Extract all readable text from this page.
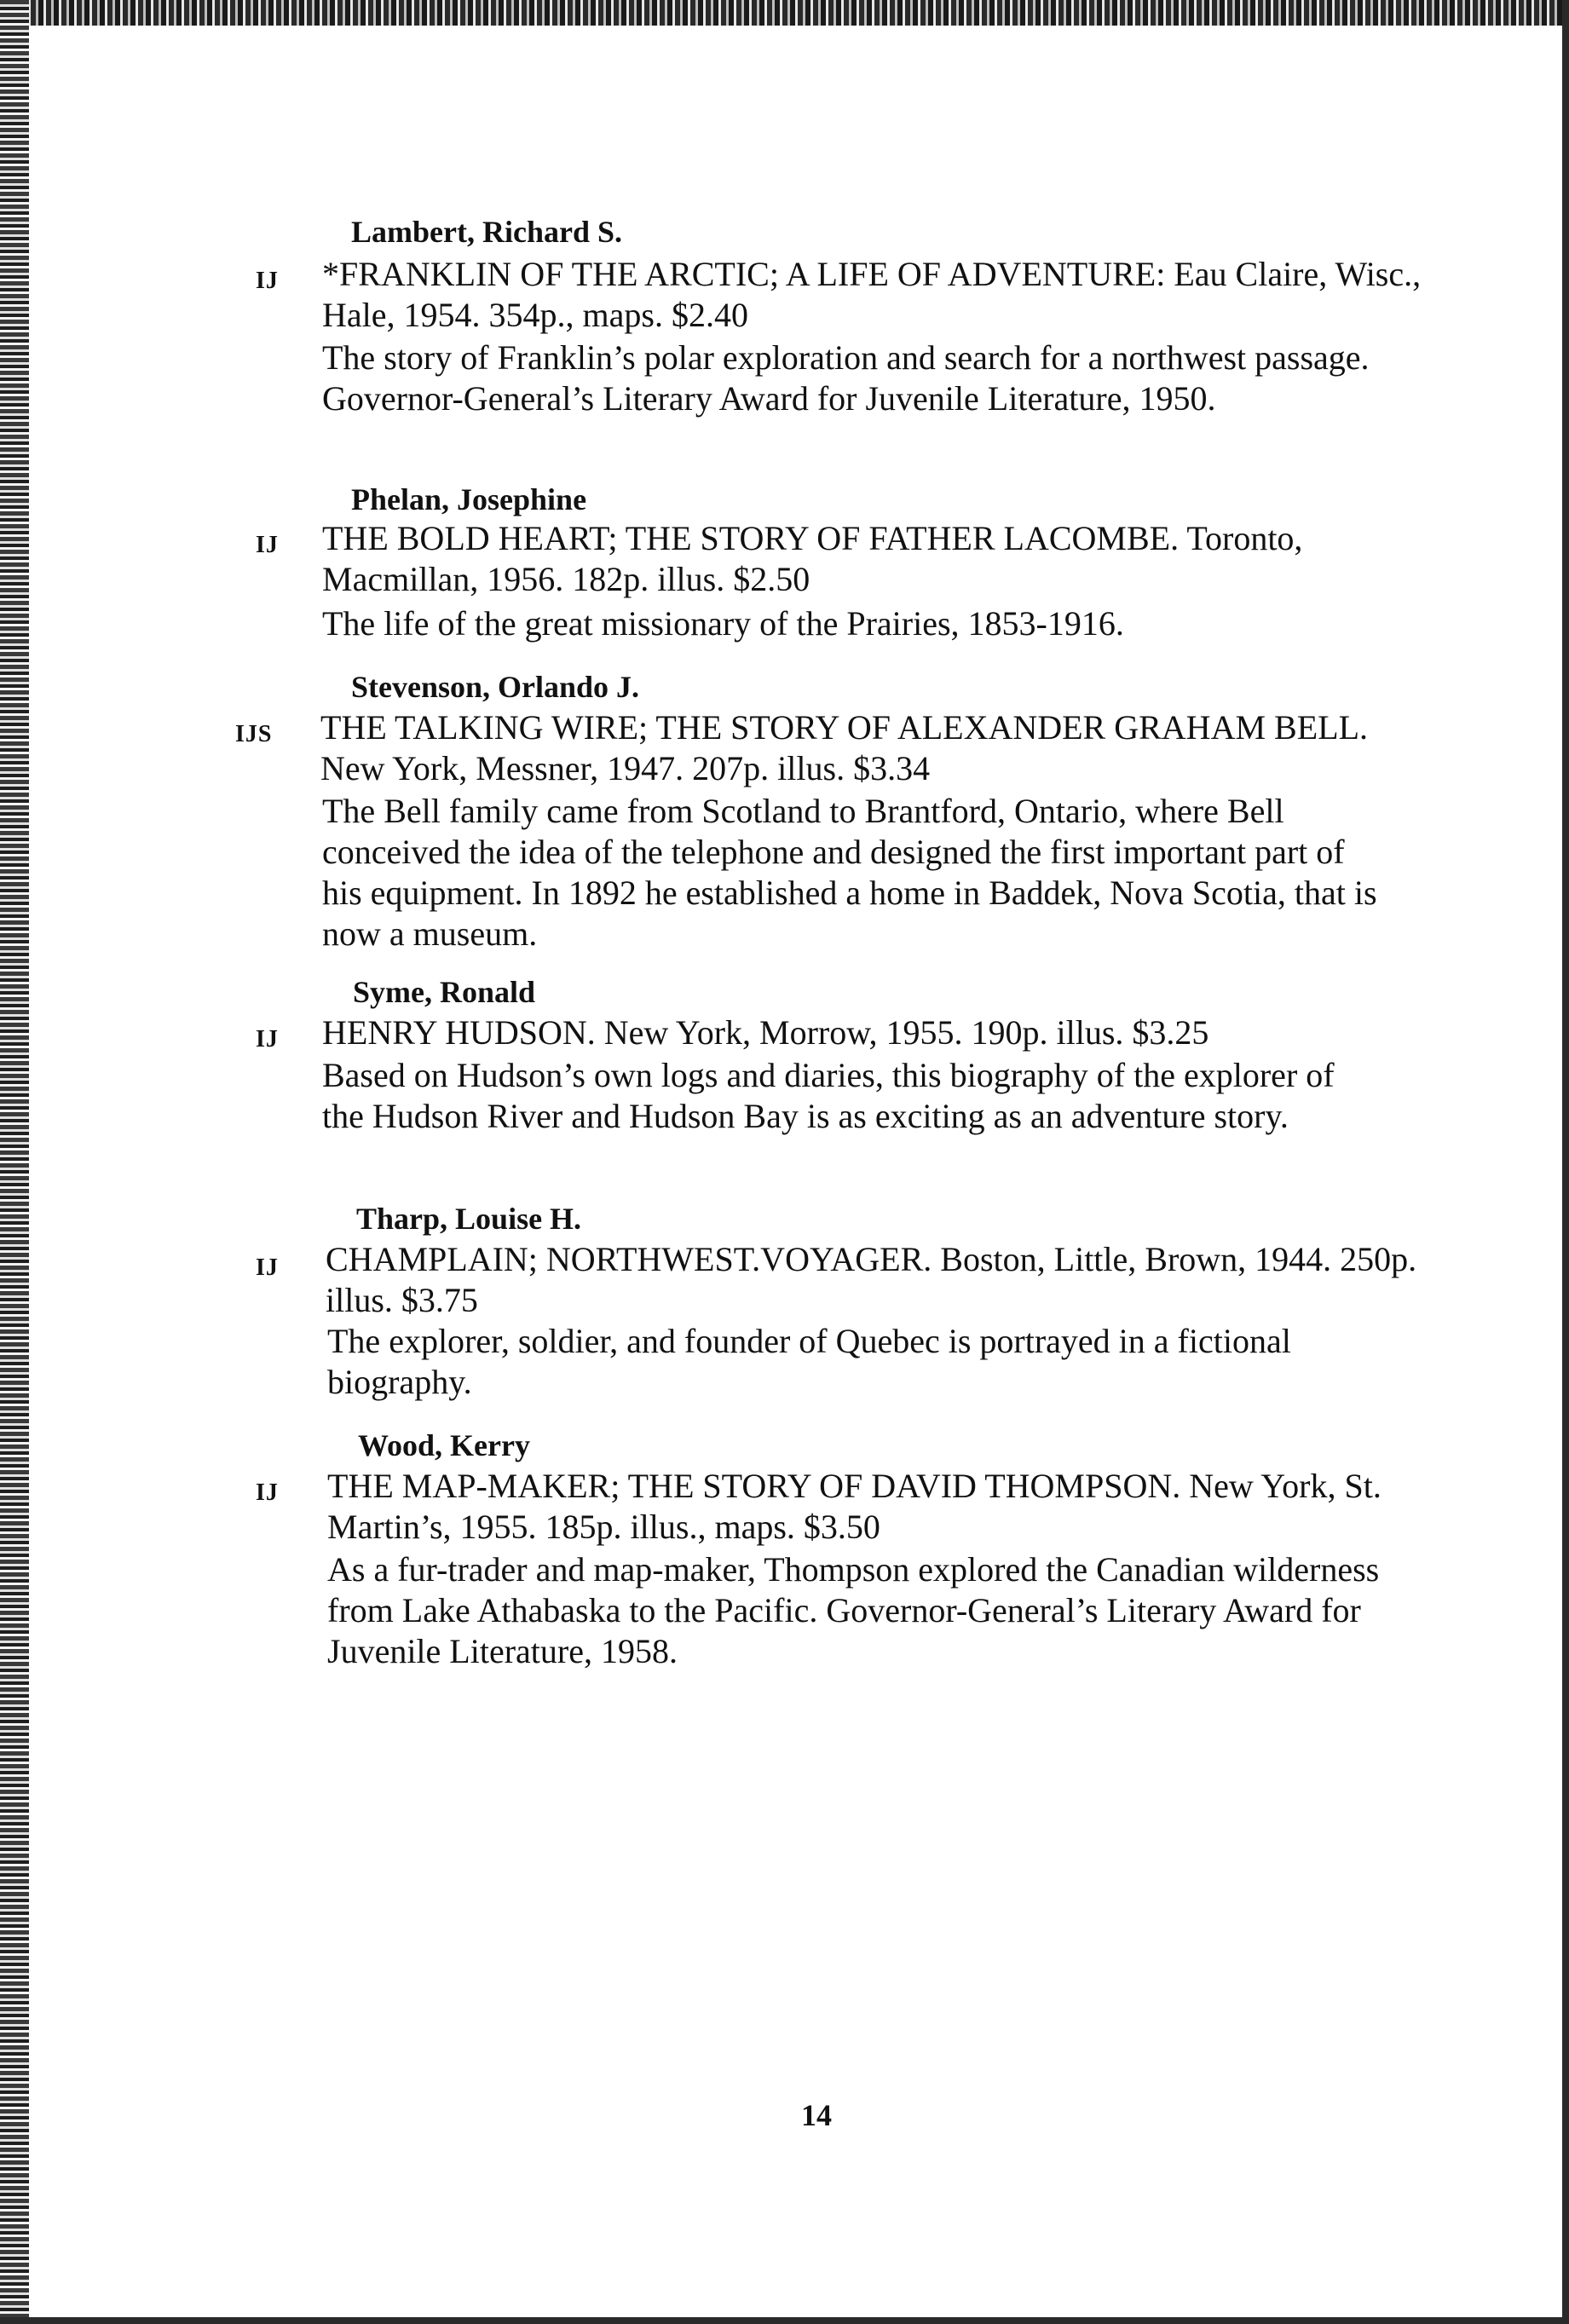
Lambert, Richard S.
IJ *FRANKLIN OF THE ARCTIC; A LIFE OF ADVENTURE: Eau Claire, Wisc., Hale, 1954. 354p., maps. $2.40
The story of Franklin’s polar exploration and search for a northwest passage. Governor-General’s Literary Award for Juvenile Literature, 1950.
Phelan, Josephine
IJ THE BOLD HEART; THE STORY OF FATHER LACOMBE. Toronto, Macmillan, 1956. 182p. illus. $2.50
The life of the great missionary of the Prairies, 1853-1916.
Stevenson, Orlando J.
IJS THE TALKING WIRE; THE STORY OF ALEXANDER GRAHAM BELL. New York, Messner, 1947. 207p. illus. $3.34
The Bell family came from Scotland to Brantford, Ontario, where Bell conceived the idea of the telephone and designed the first important part of his equipment. In 1892 he established a home in Baddek, Nova Scotia, that is now a museum.
Syme, Ronald
IJ HENRY HUDSON. New York, Morrow, 1955. 190p. illus. $3.25
Based on Hudson’s own logs and diaries, this biography of the explorer of the Hudson River and Hudson Bay is as exciting as an adventure story.
Tharp, Louise H.
IJ CHAMPLAIN; NORTHWEST.VOYAGER. Boston, Little, Brown, 1944. 250p. illus. $3.75
The explorer, soldier, and founder of Quebec is portrayed in a fictional biography.
Wood, Kerry
IJ THE MAP-MAKER; THE STORY OF DAVID THOMPSON. New York, St. Martin’s, 1955. 185p. illus., maps. $3.50
As a fur-trader and map-maker, Thompson explored the Canadian wilderness from Lake Athabaska to the Pacific. Governor-General’s Literary Award for Juvenile Literature, 1958.
14
